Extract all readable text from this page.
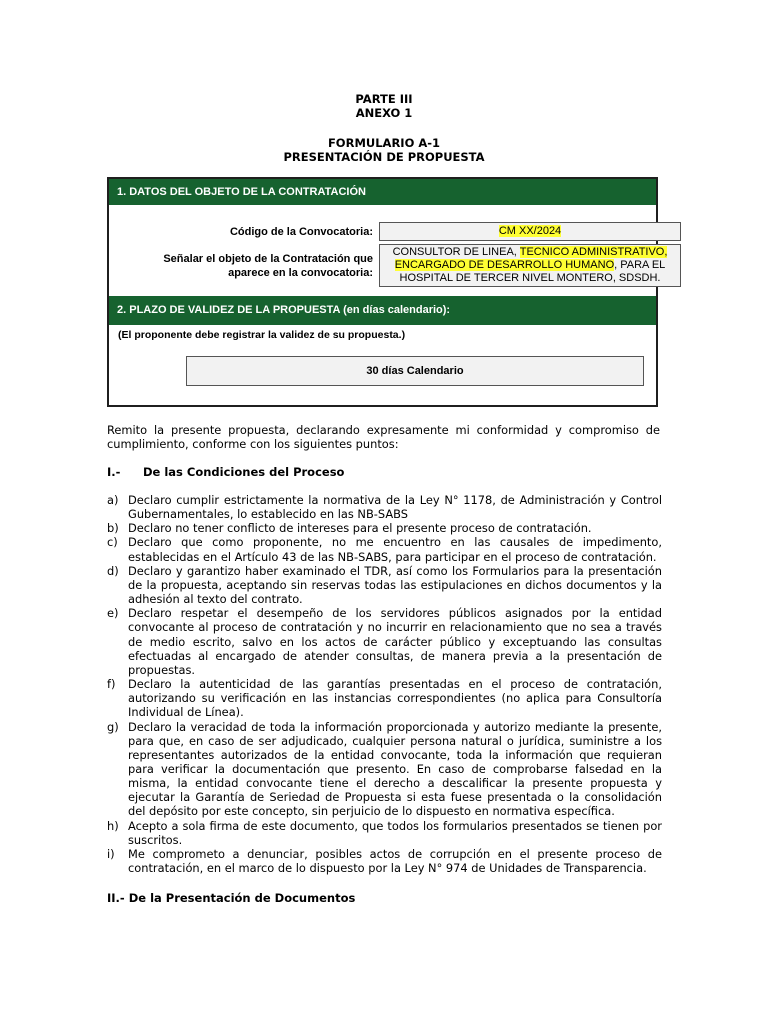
PARTE III
ANEXO 1
FORMULARIO A-1
PRESENTACIÓN DE PROPUESTA
1. DATOS DEL OBJETO DE LA CONTRATACIÓN
Código de la Convocatoria:	CM XX/2024
Señalar el objeto de la Contratación que
aparece en la convocatoria:
CONSULTOR DE LINEA, TECNICO ADMINISTRATIVO, ENCARGADO DE DESARROLLO HUMANO, PARA EL HOSPITAL DE TERCER NIVEL MONTERO, SDSDH.
2. PLAZO DE VALIDEZ DE LA PROPUESTA (en días calendario):
(El proponente debe registrar la validez de su propuesta.)
30 días Calendario
Remito la presente propuesta, declarando expresamente mi conformidad y compromiso de cumplimiento, conforme con los siguientes puntos:
I.- De las Condiciones del Proceso
a) Declaro cumplir estrictamente la normativa de la Ley N° 1178, de Administración y Control Gubernamentales, lo establecido en las NB-SABS
b) Declaro no tener conflicto de intereses para el presente proceso de contratación.
c) Declaro que como proponente, no me encuentro en las causales de impedimento, establecidas en el Artículo 43 de las NB-SABS, para participar en el proceso de contratación.
d) Declaro y garantizo haber examinado el TDR, así como los Formularios para la presentación de la propuesta, aceptando sin reservas todas las estipulaciones en dichos documentos y la adhesión al texto del contrato.
e) Declaro respetar el desempeño de los servidores públicos asignados por la entidad convocante al proceso de contratación y no incurrir en relacionamiento que no sea a través de medio escrito, salvo en los actos de carácter público y exceptuando las consultas efectuadas al encargado de atender consultas, de manera previa a la presentación de propuestas.
f) Declaro la autenticidad de las garantías presentadas en el proceso de contratación, autorizando su verificación en las instancias correspondientes (no aplica para Consultoría Individual de Línea).
g) Declaro la veracidad de toda la información proporcionada y autorizo mediante la presente, para que, en caso de ser adjudicado, cualquier persona natural o jurídica, suministre a los representantes autorizados de la entidad convocante, toda la información que requieran para verificar la documentación que presento. En caso de comprobarse falsedad en la misma, la entidad convocante tiene el derecho a descalificar la presente propuesta y ejecutar la Garantía de Seriedad de Propuesta si esta fuese presentada o la consolidación del depósito por este concepto, sin perjuicio de lo dispuesto en normativa específica.
h) Acepto a sola firma de este documento, que todos los formularios presentados se tienen por suscritos.
i) Me comprometo a denunciar, posibles actos de corrupción en el presente proceso de contratación, en el marco de lo dispuesto por la Ley N° 974 de Unidades de Transparencia.
II.- De la Presentación de Documentos
